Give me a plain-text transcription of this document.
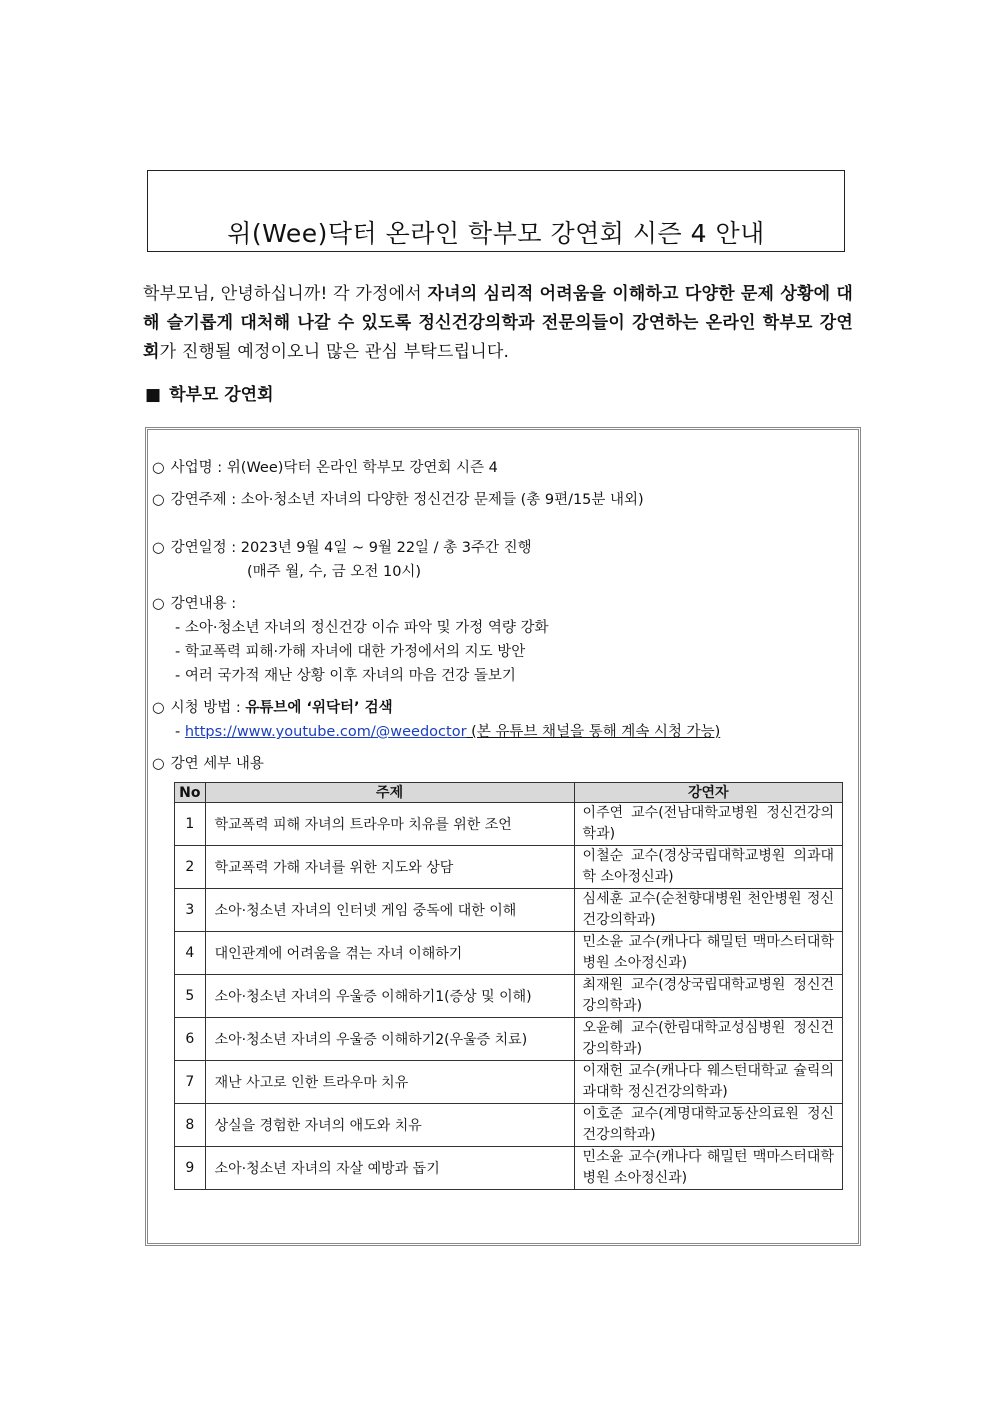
위(Wee)닥터 온라인 학부모 강연회 시즌 4 안내
학부모님, 안녕하십니까! 각 가정에서 자녀의 심리적 어려움을 이해하고 다양한 문제 상황에 대해 슬기롭게 대처해 나갈 수 있도록 정신건강의학과 전문의들이 강연하는 온라인 학부모 강연회가 진행될 예정이오니 많은 관심 부탁드립니다.
■ 학부모 강연회
○ 사업명 : 위(Wee)닥터 온라인 학부모 강연회 시즌 4
○ 강연주제 : 소아·청소년 자녀의 다양한 정신건강 문제들 (총 9편/15분 내외)
○ 강연일정 : 2023년 9월 4일 ~ 9월 22일 / 총 3주간 진행
(매주 월, 수, 금 오전 10시)
○ 강연내용 :
- 소아·청소년 자녀의 정신건강 이슈 파악 및 가정 역량 강화
- 학교폭력 피해·가해 자녀에 대한 가정에서의 지도 방안
- 여러 국가적 재난 상황 이후 자녀의 마음 건강 돌보기
○ 시청 방법 : 유튜브에 ‘위닥터’ 검색
- https://www.youtube.com/@weedoctor (본 유튜브 채널을 통해 계속 시청 가능)
○ 강연 세부 내용
No	주제	강연자
1	학교폭력 피해 자녀의 트라우마 치유를 위한 조언	이주연 교수(전남대학교병원 정신건강의학과)
2	학교폭력 가해 자녀를 위한 지도와 상담	이철순 교수(경상국립대학교병원 의과대학 소아정신과)
3	소아·청소년 자녀의 인터넷 게임 중독에 대한 이해	심세훈 교수(순천향대병원 천안병원 정신건강의학과)
4	대인관계에 어려움을 겪는 자녀 이해하기	민소윤 교수(캐나다 해밀턴 맥마스터대학병원 소아정신과)
5	소아·청소년 자녀의 우울증 이해하기1(증상 및 이해)	최재원 교수(경상국립대학교병원 정신건강의학과)
6	소아·청소년 자녀의 우울증 이해하기2(우울증 치료)	오윤혜 교수(한림대학교성심병원 정신건강의학과)
7	재난 사고로 인한 트라우마 치유	이재헌 교수(캐나다 웨스턴대학교 슐릭의과대학 정신건강의학과)
8	상실을 경험한 자녀의 애도와 치유	이호준 교수(계명대학교동산의료원 정신건강의학과)
9	소아·청소년 자녀의 자살 예방과 돕기	민소윤 교수(캐나다 해밀턴 맥마스터대학병원 소아정신과)
